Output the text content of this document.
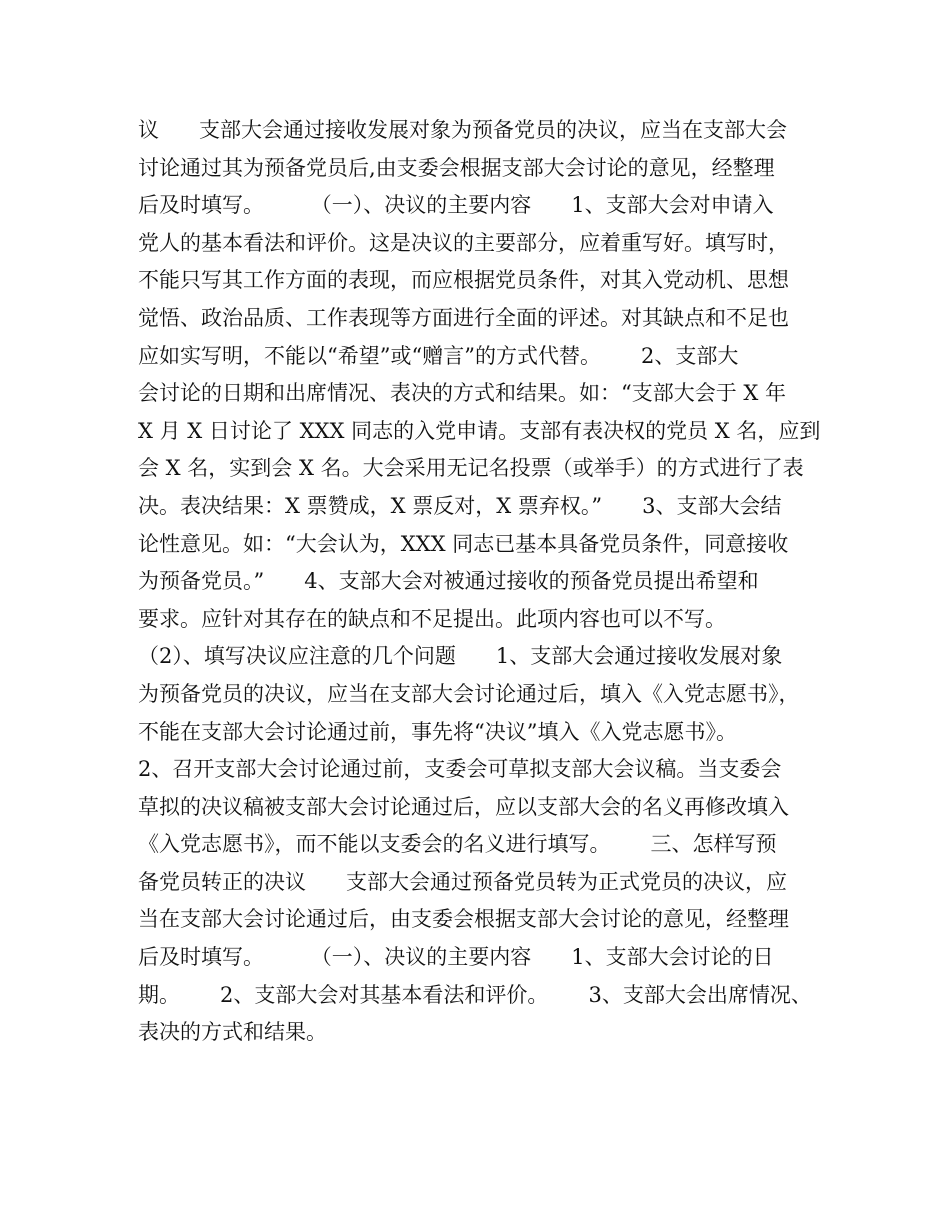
议      支部大会通过接收发展对象为预备党员的决议，应当在支部大会
讨论通过其为预备党员后,由支委会根据支部大会讨论的意见，经整理
后及时填写。       （一）、决议的主要内容      1、支部大会对申请入
党人的基本看法和评价。这是决议的主要部分，应着重写好。填写时，
不能只写其工作方面的表现，而应根据党员条件，对其入党动机、思想
觉悟、政治品质、工作表现等方面进行全面的评述。对其缺点和不足也
应如实写明，不能以“希望”或“赠言”的方式代替。      2、支部大
会讨论的日期和出席情况、表决的方式和结果。如：“支部大会于 X 年
X 月 X 日讨论了 XXX 同志的入党申请。支部有表决权的党员 X 名，应到
会 X 名，实到会 X 名。大会采用无记名投票（或举手）的方式进行了表
决。表决结果：X 票赞成，X 票反对，X 票弃权。”      3、支部大会结
论性意见。如：“大会认为，XXX 同志已基本具备党员条件，同意接收
为预备党员。”      4、支部大会对被通过接收的预备党员提出希望和
要求。应针对其存在的缺点和不足提出。此项内容也可以不写。
（2）、填写决议应注意的几个问题      1、支部大会通过接收发展对象
为预备党员的决议，应当在支部大会讨论通过后，填入《入党志愿书》，
不能在支部大会讨论通过前，事先将“决议”填入《入党志愿书》。
2、召开支部大会讨论通过前，支委会可草拟支部大会议稿。当支委会
草拟的决议稿被支部大会讨论通过后，应以支部大会的名义再修改填入
《入党志愿书》，而不能以支委会的名义进行填写。      三、怎样写预
备党员转正的决议      支部大会通过预备党员转为正式党员的决议，应
当在支部大会讨论通过后，由支委会根据支部大会讨论的意见，经整理
后及时填写。       （一）、决议的主要内容      1、支部大会讨论的日
期。      2、支部大会对其基本看法和评价。      3、支部大会出席情况、
表决的方式和结果。
